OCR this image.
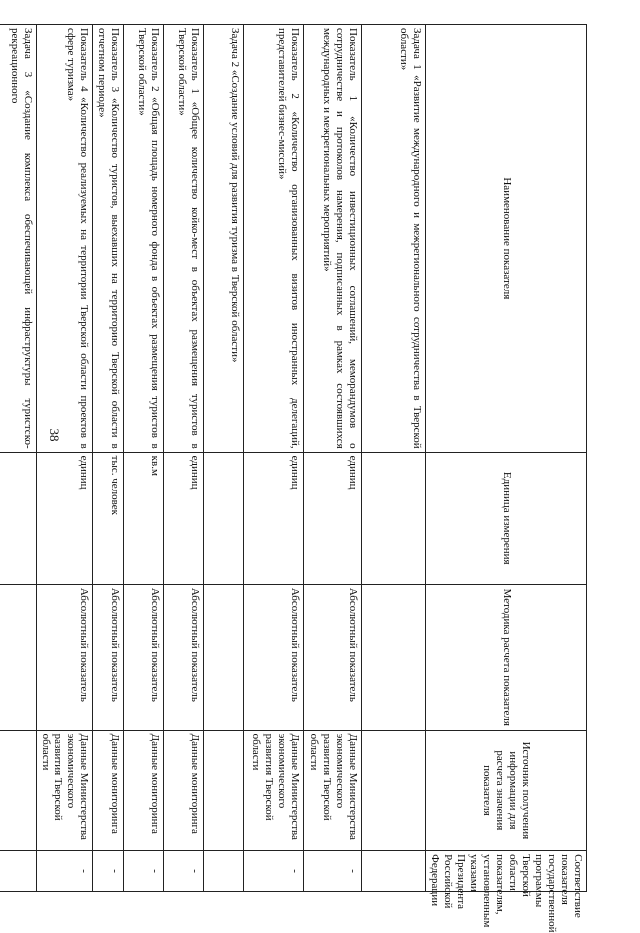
38
Наименование показателя	Единица измерения	Методика расчета показателя	Источник получения информации для расчета значения показателя	Соответствие показателя государственной программы Тверской области показателям, установленным указами Президента Российской Федерации
Задача 1 «Развитие международного и межрегионального сотрудничества в Тверской области»				
Показатель 1 «Количество инвестиционных соглашений, меморандумов о сотрудничестве и протоколов намерения, подписанных в рамках состоявшихся международных и межрегиональных мероприятий»	единиц	Абсолютный показатель	Данные Министерства экономического развития Тверской области	-
Показатель 2 «Количество организованных визитов иностранных делегаций, представителей бизнес-миссий»	единиц	Абсолютный показатель	Данные Министерства экономического развития Тверской области	-
Задача 2 «Создание условий для развития туризма в Тверской области»				
Показатель 1 «Общее количество койко-мест в объектах размещения туристов в Тверской области»	единиц	Абсолютный показатель	Данные мониторинга	-
Показатель 2 «Общая площадь номерного фонда в объектах размещения туристов в Тверской области»	кв.м	Абсолютный показатель	Данные мониторинга	-
Показатель 3 «Количество туристов, выехавших на территорию Тверской области в отчетном периоде»	тыс. человек	Абсолютный показатель	Данные мониторинга	-
Показатель 4 «Количество реализуемых на территории Тверской области проектов в сфере туризма»	единиц	Абсолютный показатель	Данные Министерства экономического развития Тверской области	-
Задача 3 «Создание комплекса обеспечивающей инфраструктуры туристско-рекреационного				
